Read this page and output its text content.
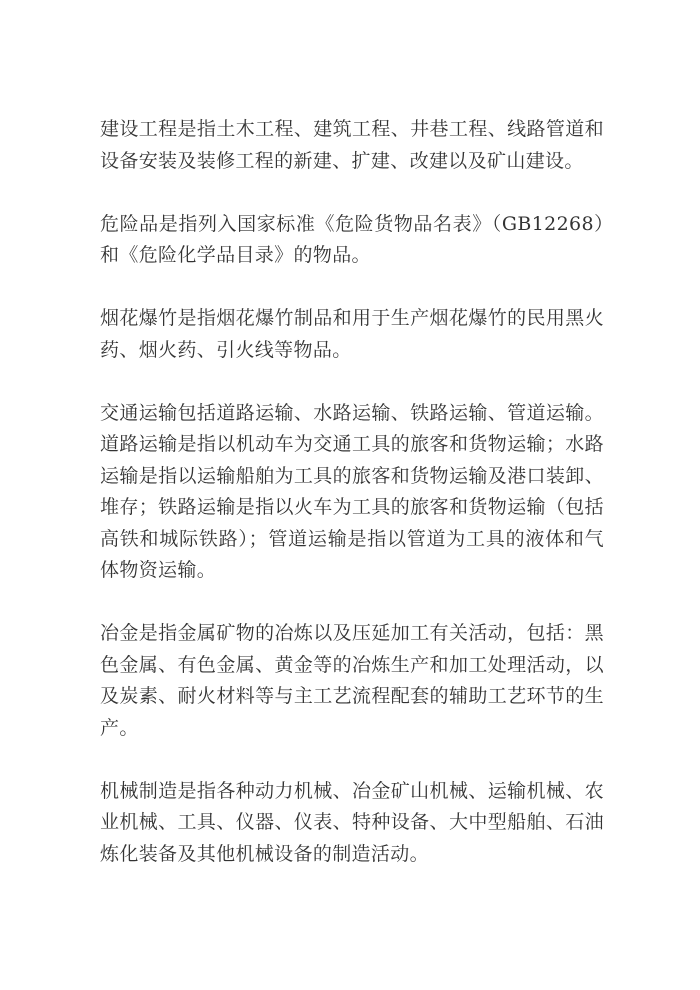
建设工程是指土木工程、建筑工程、井巷工程、线路管道和设备安装及装修工程的新建、扩建、改建以及矿山建设。

危险品是指列入国家标准《危险货物品名表》（GB12268）和《危险化学品目录》的物品。

烟花爆竹是指烟花爆竹制品和用于生产烟花爆竹的民用黑火药、烟火药、引火线等物品。

交通运输包括道路运输、水路运输、铁路运输、管道运输。道路运输是指以机动车为交通工具的旅客和货物运输；水路运输是指以运输船舶为工具的旅客和货物运输及港口装卸、堆存；铁路运输是指以火车为工具的旅客和货物运输（包括高铁和城际铁路）；管道运输是指以管道为工具的液体和气体物资运输。

冶金是指金属矿物的冶炼以及压延加工有关活动，包括：黑色金属、有色金属、黄金等的冶炼生产和加工处理活动，以及炭素、耐火材料等与主工艺流程配套的辅助工艺环节的生产。

机械制造是指各种动力机械、冶金矿山机械、运输机械、农业机械、工具、仪器、仪表、特种设备、大中型船舶、石油炼化装备及其他机械设备的制造活动。
